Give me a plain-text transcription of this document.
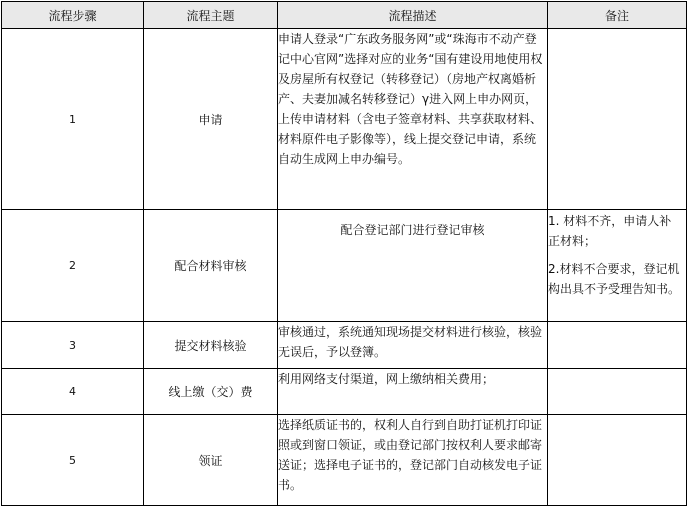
流程步骤	流程主题	流程描述	备注
1	申请	申请人登录“广东政务服务网”或“珠海市不动产登记中心官网”选择对应的业务“国有建设用地使用权及房屋所有权登记（转移登记）（房地产权离婚析产、夫妻加减名转移登记）γ进入网上申办网页，上传申请材料（含电子签章材料、共享获取材料、材料原件电子影像等），线上提交登记申请，系统自动生成网上申办编号。	
2	配合材料审核	配合登记部门进行登记审核	1. 材料不齐，申请人补 正材料；
2.材料不合要求，登记机构出具不予受理告知书。

3	提交材料核验	审核通过，系统通知现场提交材料进行核验，核验无误后，予以登簿。	
4	线上缴（交）费	利用网络支付渠道，网上缴纳相关费用；	
5	领证	选择纸质证书的，权利人自行到自助打证机打印证照或到窗口领证，或由登记部门按权利人要求邮寄送证；选择电子证书的，登记部门自动核发电子证书。	
